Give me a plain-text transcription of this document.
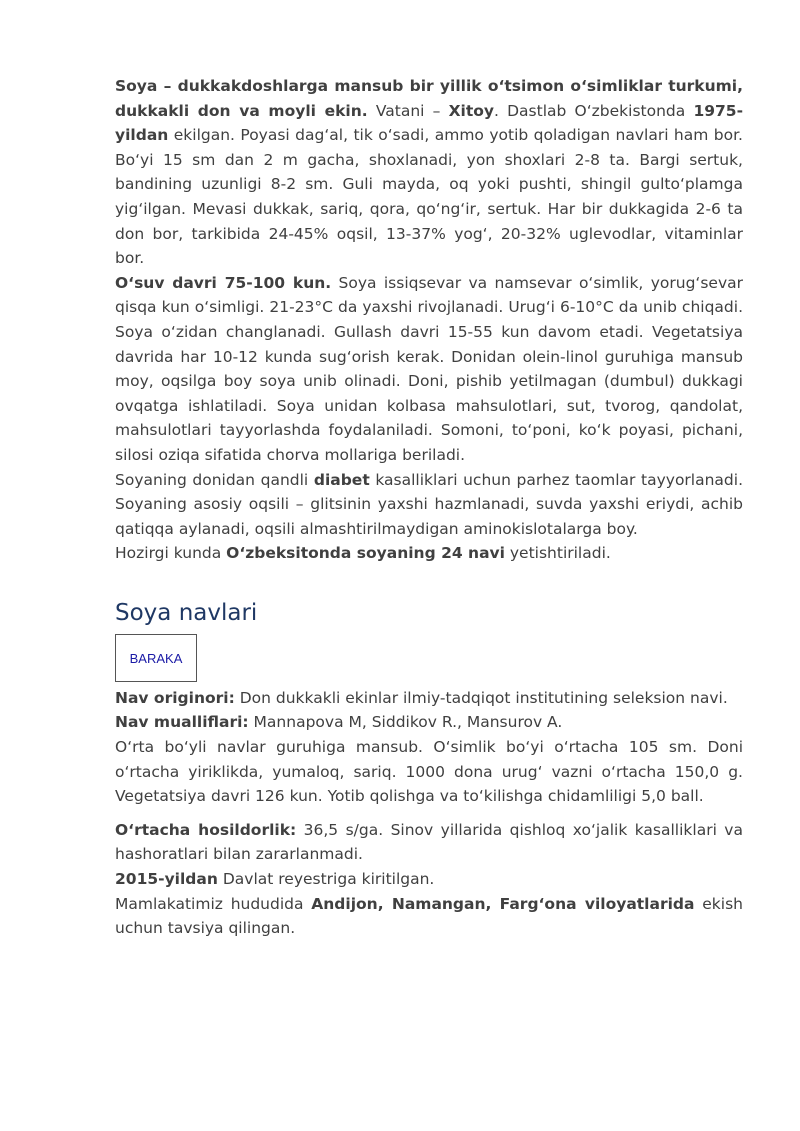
Soya – dukkakdoshlarga mansub bir yillik o‘tsimon o‘simliklar turkumi, dukkakli don va moyli ekin. Vatani – Xitoy. Dastlab O‘zbekistonda 1975-yildan ekilgan. Poyasi dag‘al, tik o‘sadi, ammo yotib qoladigan navlari ham bor. Bo‘yi 15 sm dan 2 m gacha, shoxlanadi, yon shoxlari 2-8 ta. Bargi sertuk, bandining uzunligi 8-2 sm. Guli mayda, oq yoki pushti, shingil gulto‘plamga yig‘ilgan. Mevasi dukkak, sariq, qora, qo‘ng‘ir, sertuk. Har bir dukkagida 2-6 ta don bor, tarkibida 24-45% oqsil, 13-37% yog‘, 20-32% uglevodlar, vitaminlar bor.

O‘suv davri 75-100 kun. Soya issiqsevar va namsevar o‘simlik, yorug‘sevar qisqa kun o‘simligi. 21-23°C da yaxshi rivojlanadi. Urug‘i 6-10°C da unib chiqadi. Soya o‘zidan changlanadi. Gullash davri 15-55 kun davom etadi. Vegetatsiya davrida har 10-12 kunda sug‘orish kerak. Donidan olein-linol guruhiga mansub moy, oqsilga boy soya unib olinadi. Doni, pishib yetilmagan (dumbul) dukkagi ovqatga ishlatiladi. Soya unidan kolbasa mahsulotlari, sut, tvorog, qandolat, mahsulotlari tayyorlashda foydalaniladi. Somoni, to‘poni, ko‘k poyasi, pichani, silosi oziqa sifatida chorva mollariga beriladi.

Soyaning donidan qandli diabet kasalliklari uchun parhez taomlar tayyorlanadi. Soyaning asosiy oqsili – glitsinin yaxshi hazmlanadi, suvda yaxshi eriydi, achib qatiqqa aylanadi, oqsili almashtirilmaydigan aminokislotalarga boy.

Hozirgi kunda O‘zbeksitonda soyaning 24 navi yetishtiriladi.

Soya navlari
BARAKA

Nav originori: Don dukkakli ekinlar ilmiy-tadqiqot institutining seleksion navi.

Nav mualliflari: Mannapova M, Siddikov R., Mansurov A.

O‘rta bo‘yli navlar guruhiga mansub. O‘simlik bo‘yi o‘rtacha 105 sm. Doni o‘rtacha yiriklikda, yumaloq, sariq. 1000 dona urug‘ vazni o‘rtacha 150,0 g. Vegetatsiya davri 126 kun. Yotib qolishga va to‘kilishga chidamliligi 5,0 ball.

O‘rtacha hosildorlik: 36,5 s/ga. Sinov yillarida qishloq xo‘jalik kasalliklari va hashoratlari bilan zararlanmadi.

2015-yildan Davlat reyestriga kiritilgan.

Mamlakatimiz hududida Andijon, Namangan, Farg‘ona viloyatlarida ekish uchun tavsiya qilingan.
